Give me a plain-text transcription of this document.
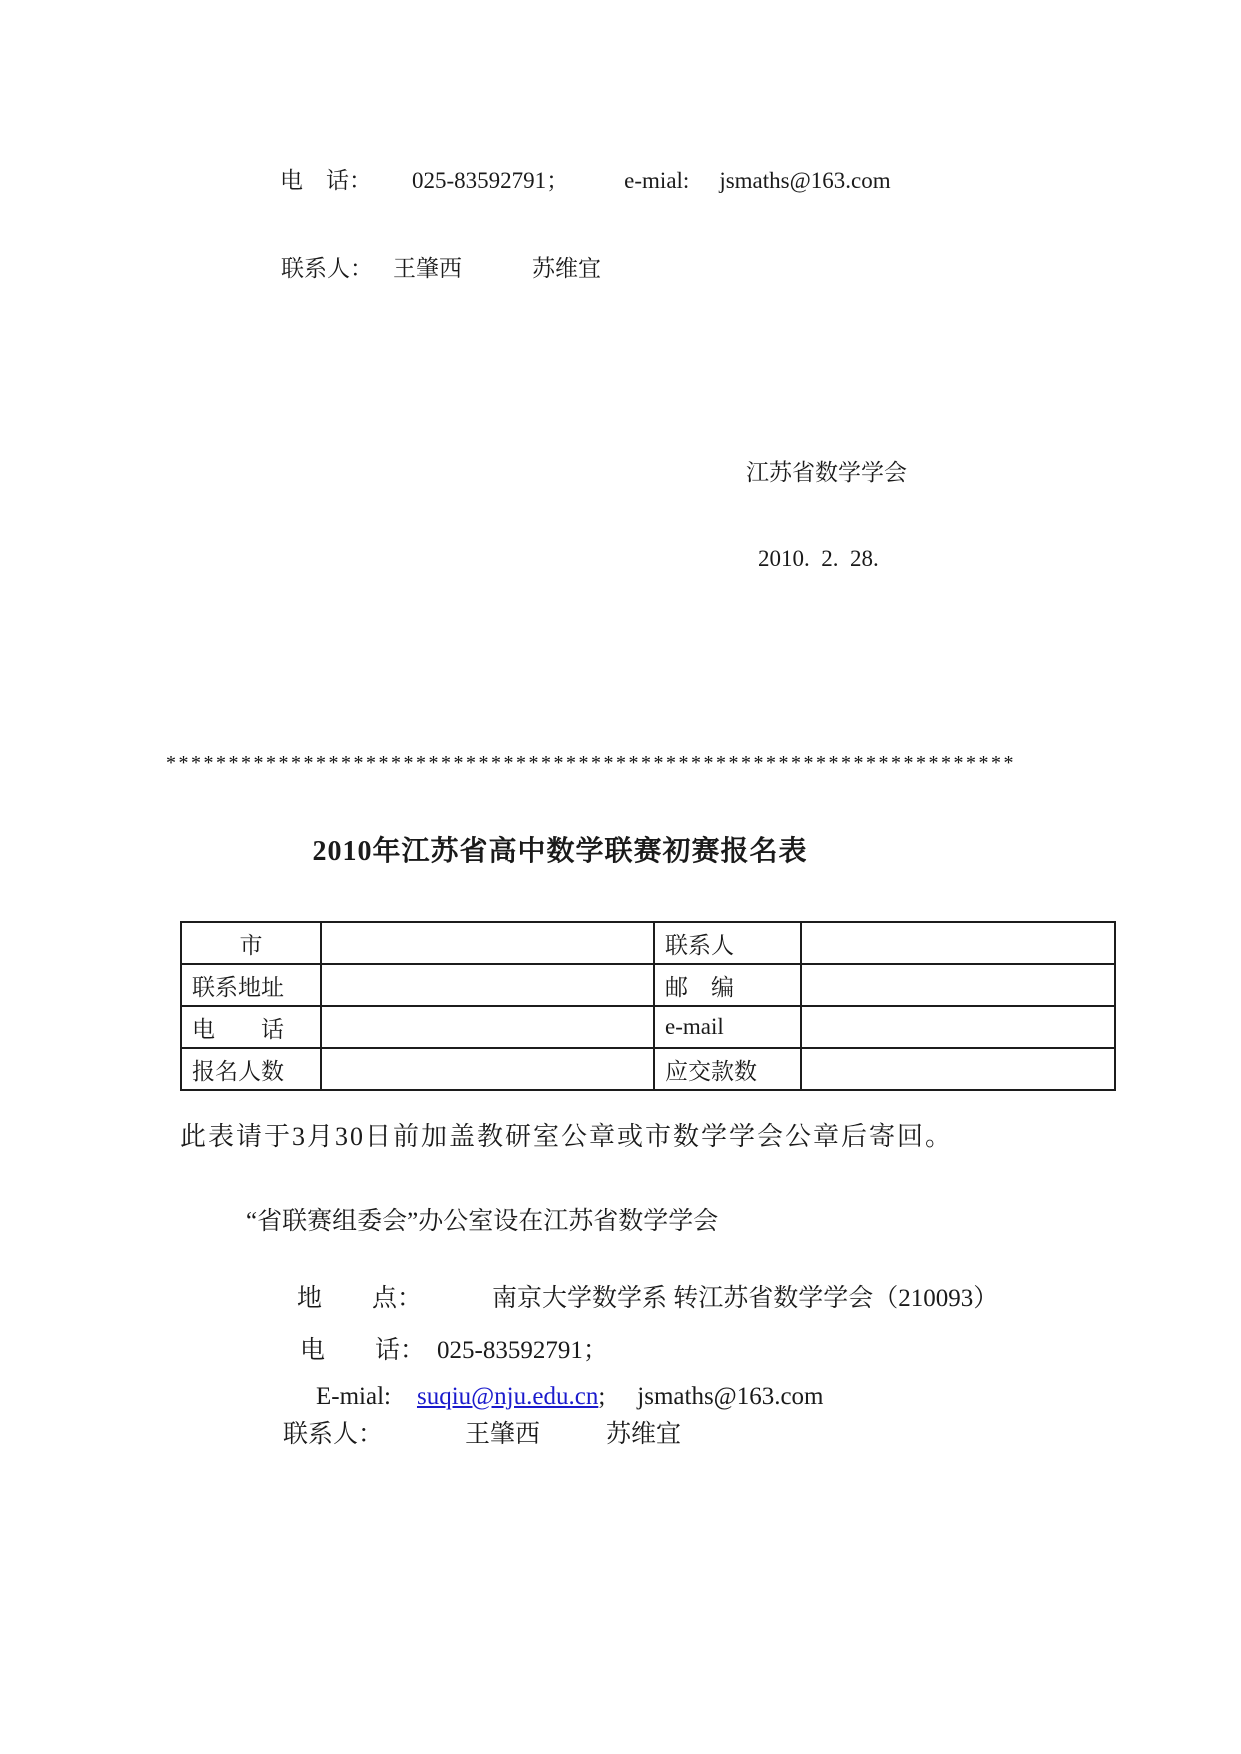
电　话： 025-83592791； e-mial: jsmaths@163.com

联系人： 王肇西	苏维宜

江苏省数学学会

2010.  2.  28.

********************************************************************
2010年江苏省高中数学联赛初赛报名表
市		联系人	
联系地址		邮　编	
电　　话		e-mail	
报名人数		应交款数	
此表请于3月30日前加盖教研室公章或市数学学会公章后寄回。
“省联赛组委会”办公室设在江苏省数学学会

地　　点：	南京大学数学系 转江苏省数学学会（210093）

电　　话： 025-83592791；

E-mial: suqiu@nju.edu.cn; jsmaths@163.com

联系人：	王肇西	苏维宜
